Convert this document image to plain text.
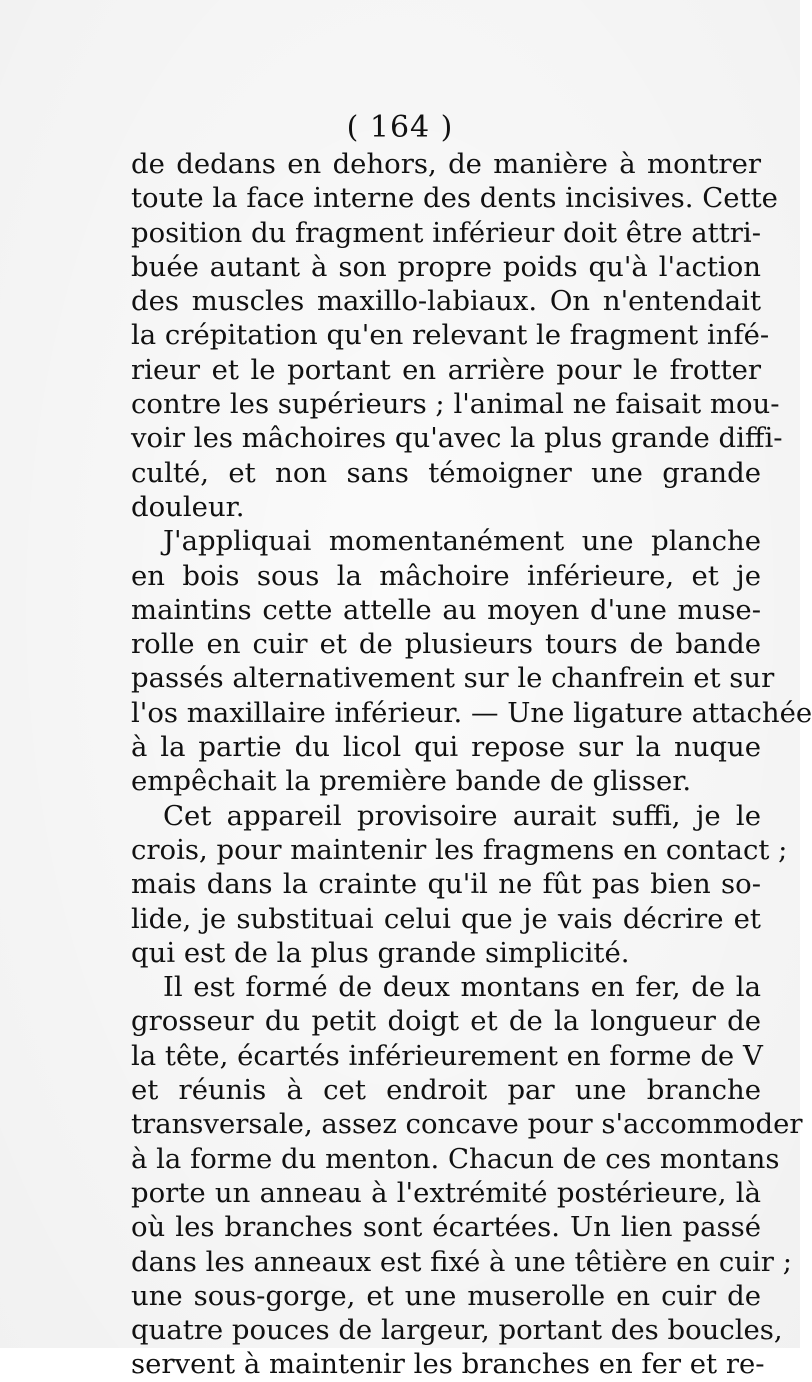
( 164 )
de dedans en dehors, de manière à montrer
toute la face interne des dents incisives. Cette
position du fragment inférieur doit être attri-
buée autant à son propre poids qu'à l'action
des muscles maxillo-labiaux. On n'entendait
la crépitation qu'en relevant le fragment infé-
rieur et le portant en arrière pour le frotter
contre les supérieurs ; l'animal ne faisait mou-
voir les mâchoires qu'avec la plus grande diffi-
culté, et non sans témoigner une grande
douleur.
J'appliquai momentanément une planche
en bois sous la mâchoire inférieure, et je
maintins cette attelle au moyen d'une muse-
rolle en cuir et de plusieurs tours de bande
passés alternativement sur le chanfrein et sur
l'os maxillaire inférieur. — Une ligature attachée
à la partie du licol qui repose sur la nuque
empêchait la première bande de glisser.
Cet appareil provisoire aurait suffi, je le
crois, pour maintenir les fragmens en contact ;
mais dans la crainte qu'il ne fût pas bien so-
lide, je substituai celui que je vais décrire et
qui est de la plus grande simplicité.
Il est formé de deux montans en fer, de la
grosseur du petit doigt et de la longueur de
la tête, écartés inférieurement en forme de V
et réunis à cet endroit par une branche
transversale, assez concave pour s'accommoder
à la forme du menton. Chacun de ces montans
porte un anneau à l'extrémité postérieure, là
où les branches sont écartées. Un lien passé
dans les anneaux est fixé à une têtière en cuir ;
une sous-gorge, et une muserolle en cuir de
quatre pouces de largeur, portant des boucles,
servent à maintenir les branches en fer et re-
